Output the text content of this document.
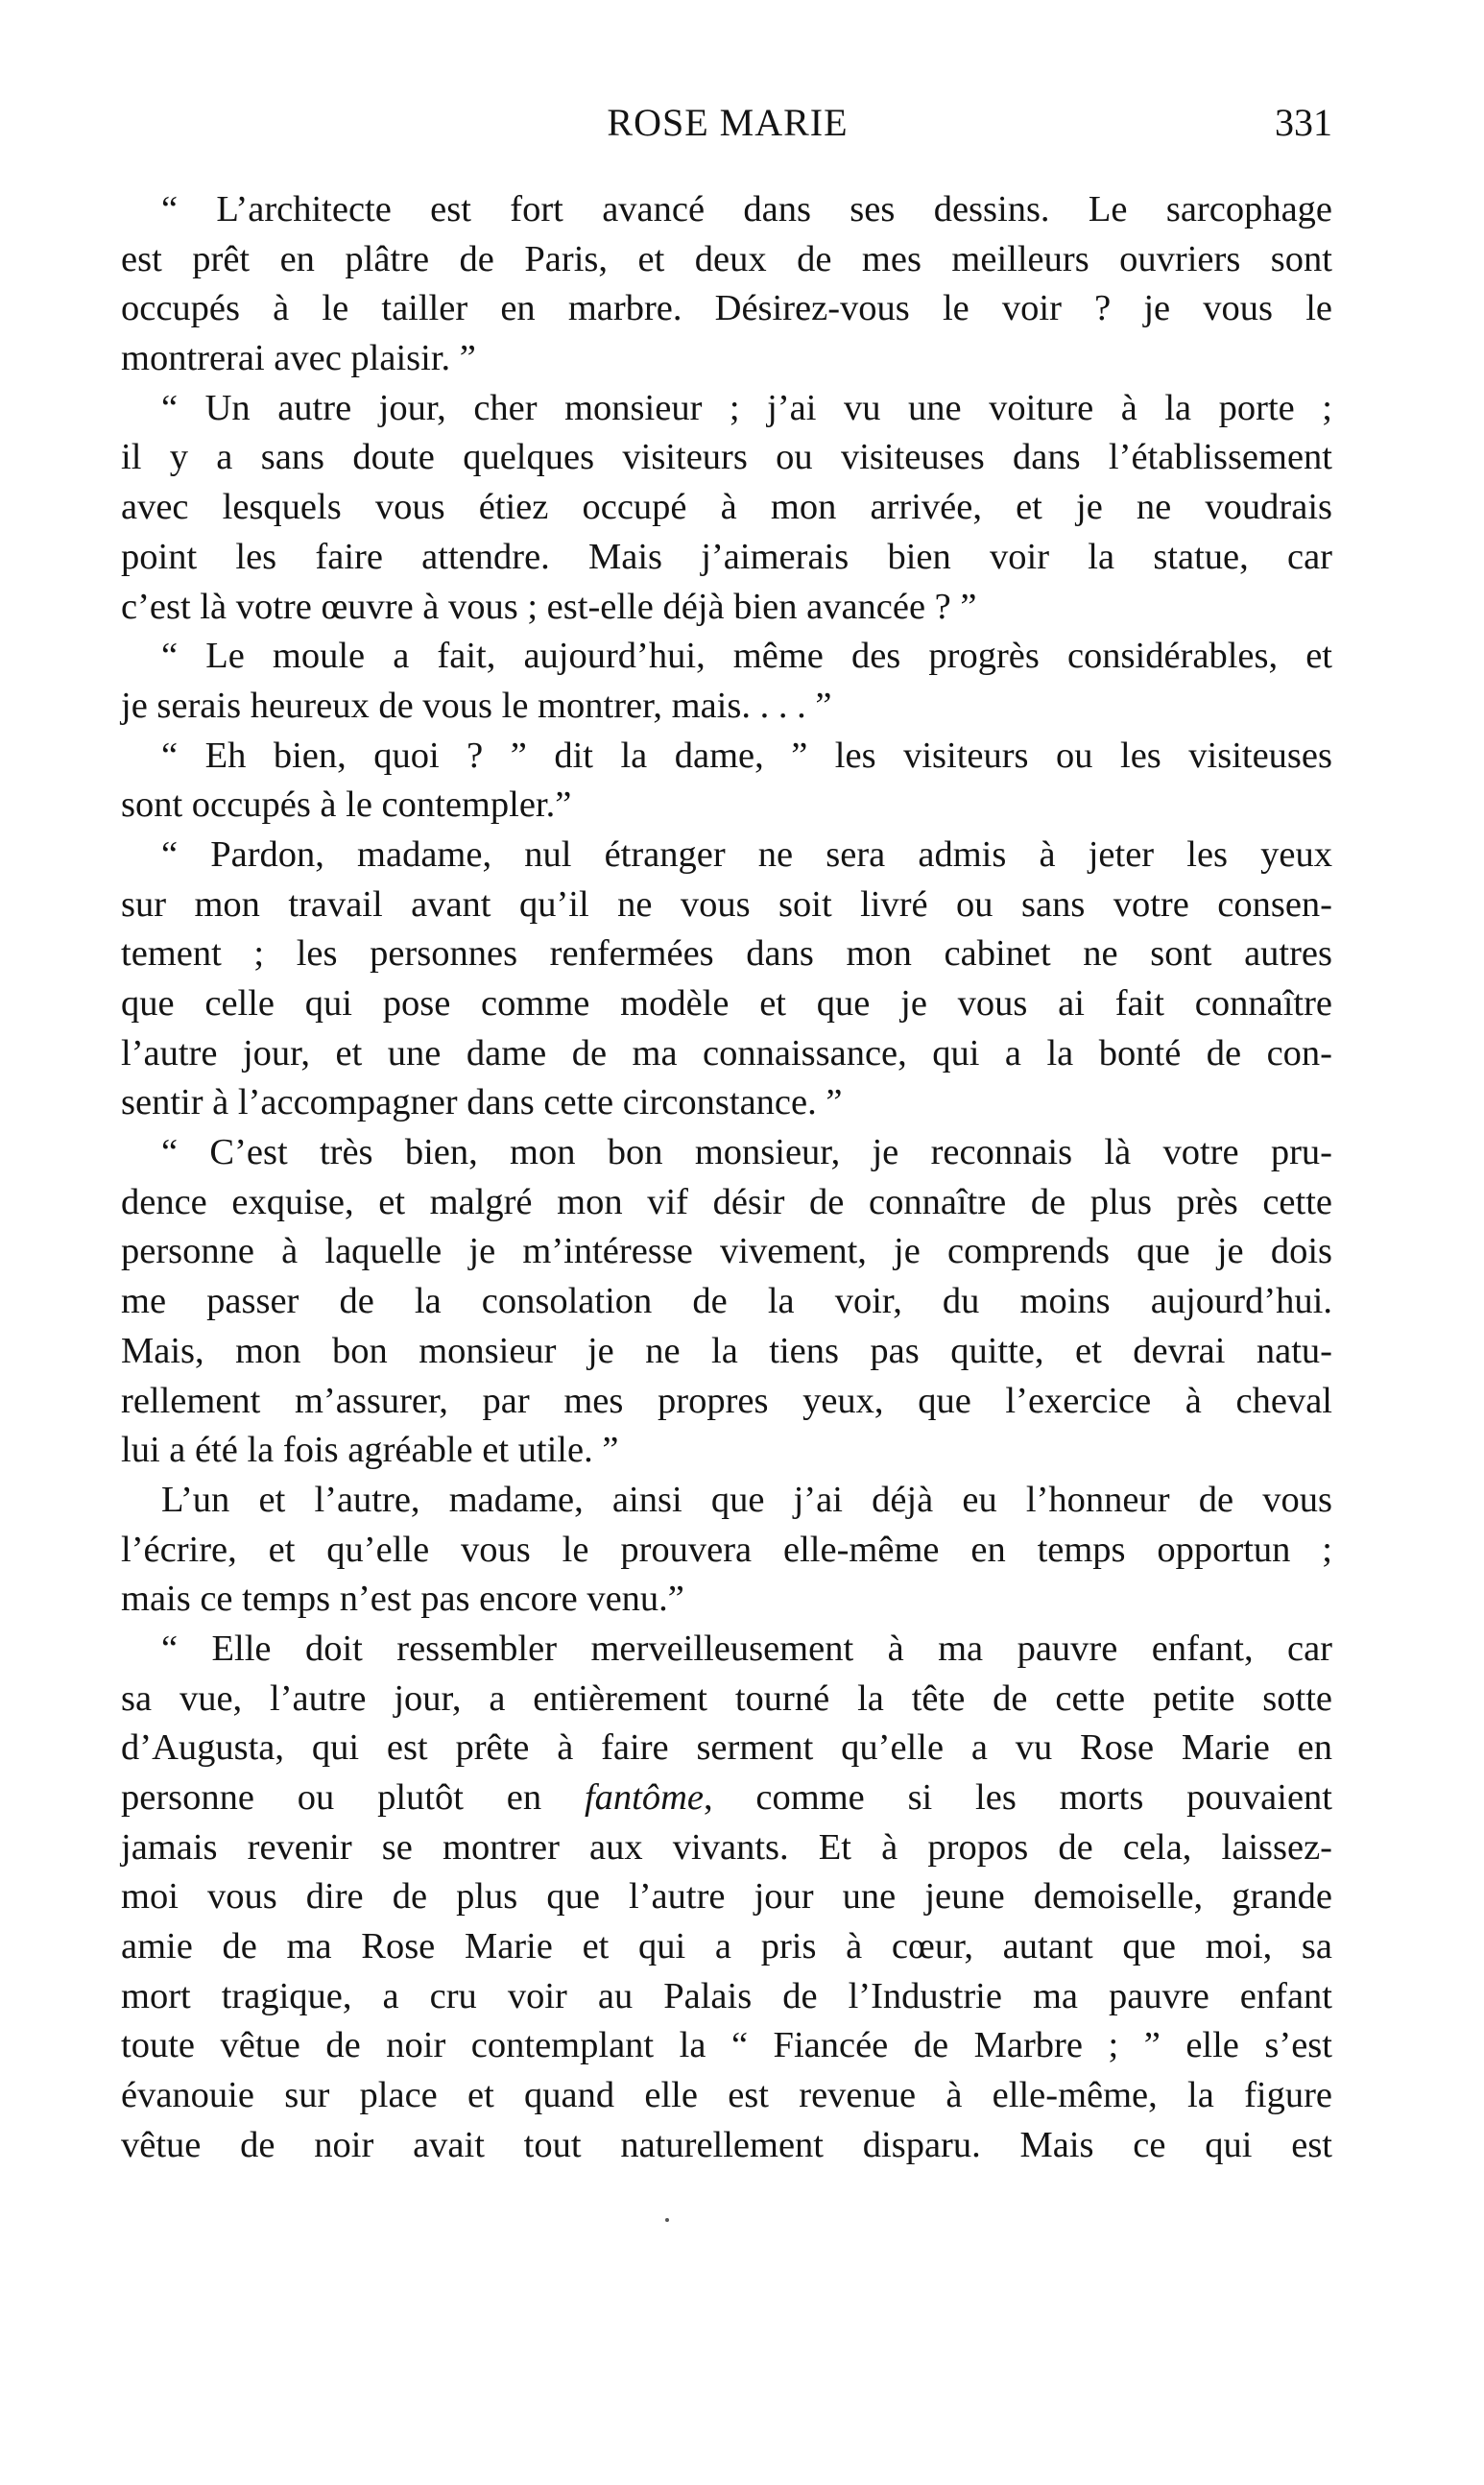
ROSE MARIE	331
“ L’architecte est fort avancé dans ses dessins. Le sarcophage
est prêt en plâtre de Paris, et deux de mes meilleurs ouvriers sont
occupés à le tailler en marbre. Désirez-vous le voir ? je vous le
montrerai avec plaisir. ”
“ Un autre jour, cher monsieur ; j’ai vu une voiture à la porte ;
il y a sans doute quelques visiteurs ou visiteuses dans l’établissement
avec lesquels vous étiez occupé à mon arrivée, et je ne voudrais
point les faire attendre. Mais j’aimerais bien voir la statue, car
c’est là votre œuvre à vous ; est-elle déjà bien avancée ? ”
“ Le moule a fait, aujourd’hui, même des progrès considérables, et
je serais heureux de vous le montrer, mais. . . . ”
“ Eh bien, quoi ? ” dit la dame, ” les visiteurs ou les visiteuses
sont occupés à le contempler.”
“ Pardon, madame, nul étranger ne sera admis à jeter les yeux
sur mon travail avant qu’il ne vous soit livré ou sans votre consen-
tement ; les personnes renfermées dans mon cabinet ne sont autres
que celle qui pose comme modèle et que je vous ai fait connaître
l’autre jour, et une dame de ma connaissance, qui a la bonté de con-
sentir à l’accompagner dans cette circonstance. ”
“ C’est très bien, mon bon monsieur, je reconnais là votre pru-
dence exquise, et malgré mon vif désir de connaître de plus près cette
personne à laquelle je m’intéresse vivement, je comprends que je dois
me passer de la consolation de la voir, du moins aujourd’hui.
Mais, mon bon monsieur je ne la tiens pas quitte, et devrai natu-
rellement m’assurer, par mes propres yeux, que l’exercice à cheval
lui a été la fois agréable et utile. ”
L’un et l’autre, madame, ainsi que j’ai déjà eu l’honneur de vous
l’écrire, et qu’elle vous le prouvera elle-même en temps opportun ;
mais ce temps n’est pas encore venu.”
“ Elle doit ressembler merveilleusement à ma pauvre enfant, car
sa vue, l’autre jour, a entièrement tourné la tête de cette petite sotte
d’Augusta, qui est prête à faire serment qu’elle a vu Rose Marie en
personne ou plutôt en fantôme, comme si les morts pouvaient
jamais revenir se montrer aux vivants. Et à propos de cela, laissez-
moi vous dire de plus que l’autre jour une jeune demoiselle, grande
amie de ma Rose Marie et qui a pris à cœur, autant que moi, sa
mort tragique, a cru voir au Palais de l’Industrie ma pauvre enfant
toute vêtue de noir contemplant la “ Fiancée de Marbre ; ” elle s’est
évanouie sur place et quand elle est revenue à elle-même, la figure
vêtue de noir avait tout naturellement disparu. Mais ce qui est
